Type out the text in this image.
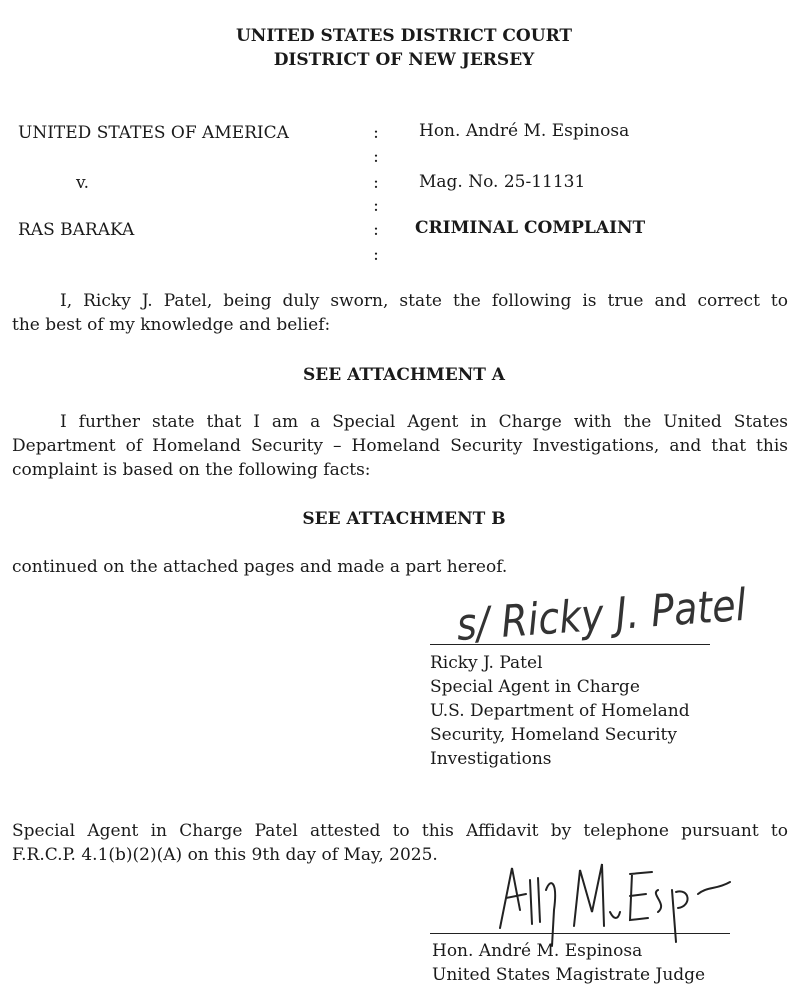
UNITED STATES DISTRICT COURT
DISTRICT OF NEW JERSEY
UNITED STATES OF AMERICA
v.
RAS BARAKA
:
:
:
:
:
:
Hon. André M. Espinosa
Mag. No. 25-11131
CRIMINAL COMPLAINT
I, Ricky J. Patel, being duly sworn, state the following is true and correct to
the best of my knowledge and belief:
SEE ATTACHMENT A
I further state that I am a Special Agent in Charge with the United States
Department of Homeland Security – Homeland Security Investigations, and that this
complaint is based on the following facts:
SEE ATTACHMENT B
continued on the attached pages and made a part hereof.
s/ Ricky J. Patel
Ricky J. Patel
Special Agent in Charge
U.S. Department of Homeland
Security, Homeland Security
Investigations
Special Agent in Charge Patel attested to this Affidavit by telephone pursuant to
F.R.C.P. 4.1(b)(2)(A) on this 9th day of May, 2025.
Hon. André M. Espinosa
United States Magistrate Judge
